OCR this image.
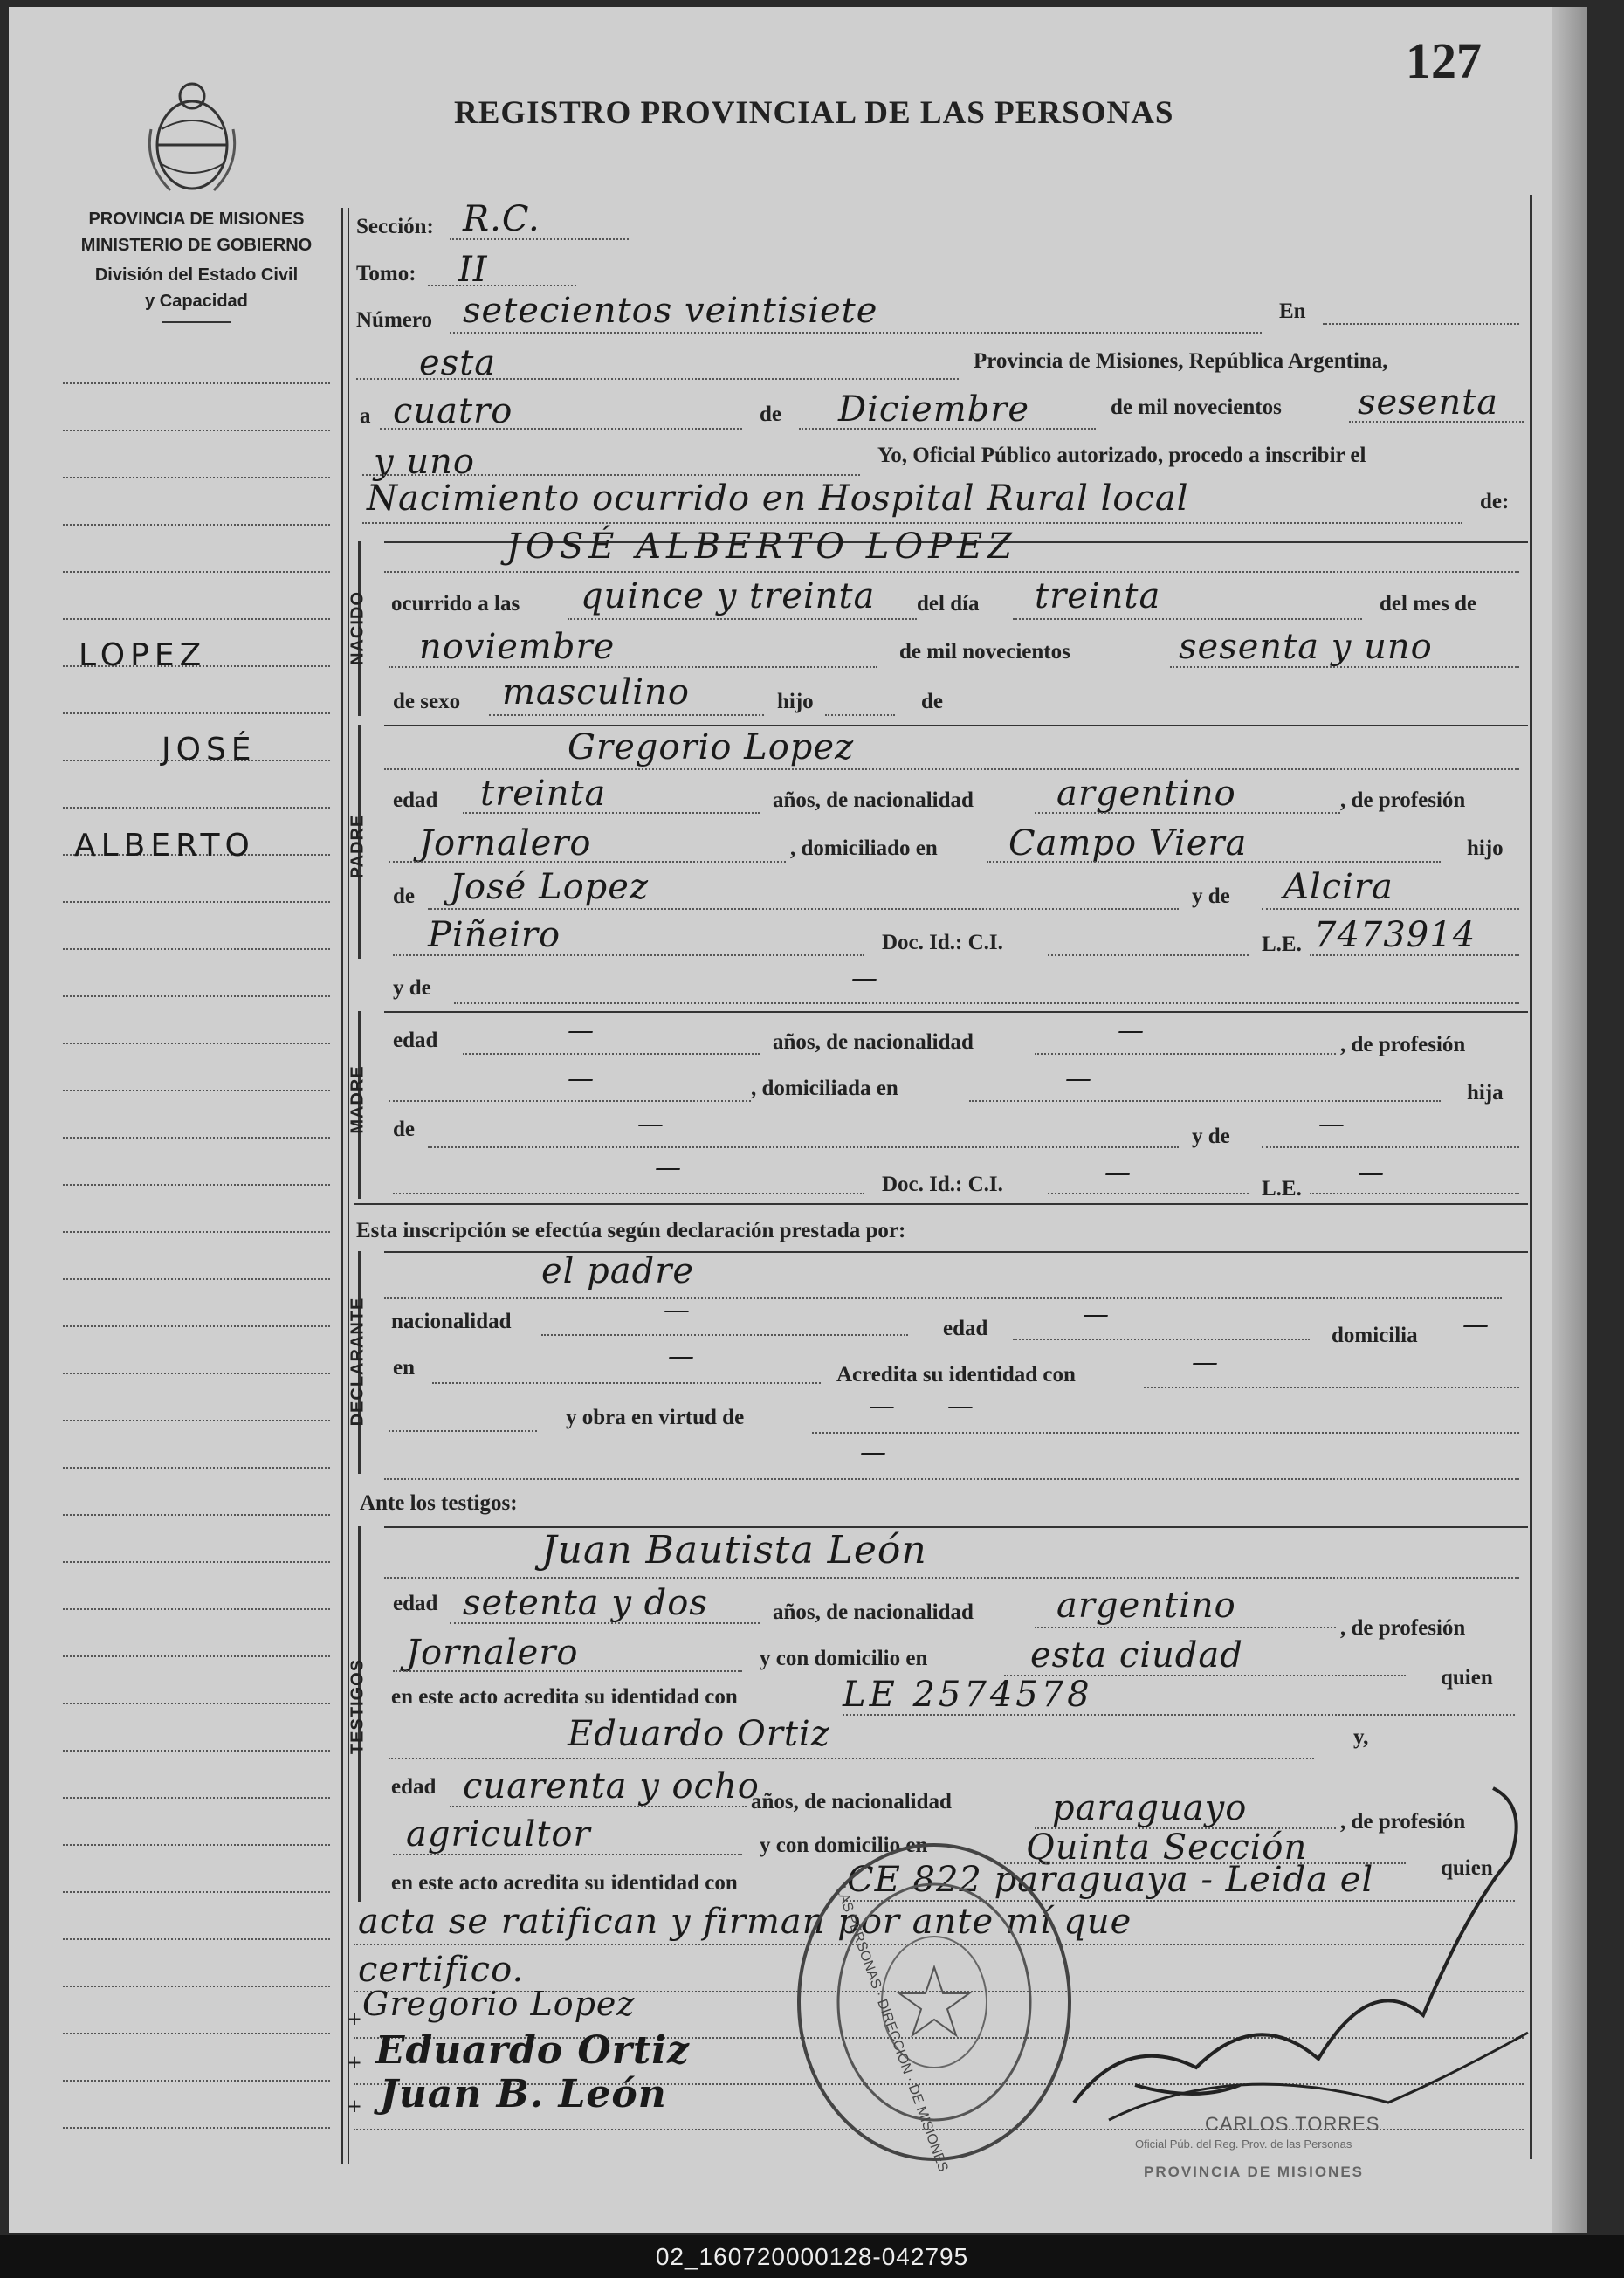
127
REGISTRO PROVINCIAL DE LAS PERSONAS
PROVINCIA DE MISIONES
MINISTERIO DE GOBIERNO
División del Estado Civil
y Capacidad
LOPEZ
JOSÉ
ALBERTO
Sección: R.C.
Tomo: II
Número setecientos veintisiete	En
esta	Provincia de Misiones, República Argentina,
a cuatro	de Diciembre	de mil novecientos sesenta
y uno	Yo, Oficial Público autorizado, procedo a inscribir el
Nacimiento ocurrido en Hospital Rural local	de:
NACIDO
JOSÉ ALBERTO LOPEZ
ocurrido a las quince y treinta del día treinta	del mes de
noviembre	de mil novecientos	sesenta y uno
de sexo masculino	hijo	de
PADRE
Gregorio Lopez
edad treinta	años, de nacionalidad argentino	, de profesión
Jornalero	, domiciliado en Campo Viera	hijo
de José Lopez	y de Alcira
Piñeiro	Doc. Id.: C.I.	L.E. 7473914
y de	—
MADRE
edad	—	años, de nacionalidad	—	, de profesión
—	, domiciliada en	—	hija
de	—	y de	—
—
Doc. Id.: C.I.	—
L.E.
—
Esta inscripción se efectúa según declaración prestada por:
DECLARANTE
el padre
nacionalidad	—
edad	—
domicilia —
en	—
Acredita su identidad con	—
y obra en virtud de	— —
—
Ante los testigos:
TESTIGOS
Juan Bautista León
edad setenta y dos	años, de nacionalidad argentino
, de profesión
Jornalero	y con domicilio en	esta ciudad
quien
en este acto acredita su identidad con	LE 2574578
Eduardo Ortiz	y,
edad cuarenta y ocho
años, de nacionalidad	paraguayo	, de profesión
agricultor	y con domicilio en	Quinta Sección
quien
en este acto acredita su identidad con	CE 822 paraguaya - Leida el
acta se ratifican y firman por ante mí que
certifico.
Gregorio Lopez
Eduardo Ortiz
Juan B. León	LAS PERSONAS · DIRECCION · DE MISIONES	CARLOS TORRES
Oficial Púb. del Reg. Prov. de las Personas
PROVINCIA DE MISIONES
+
+
+
02_160720000128-042795
